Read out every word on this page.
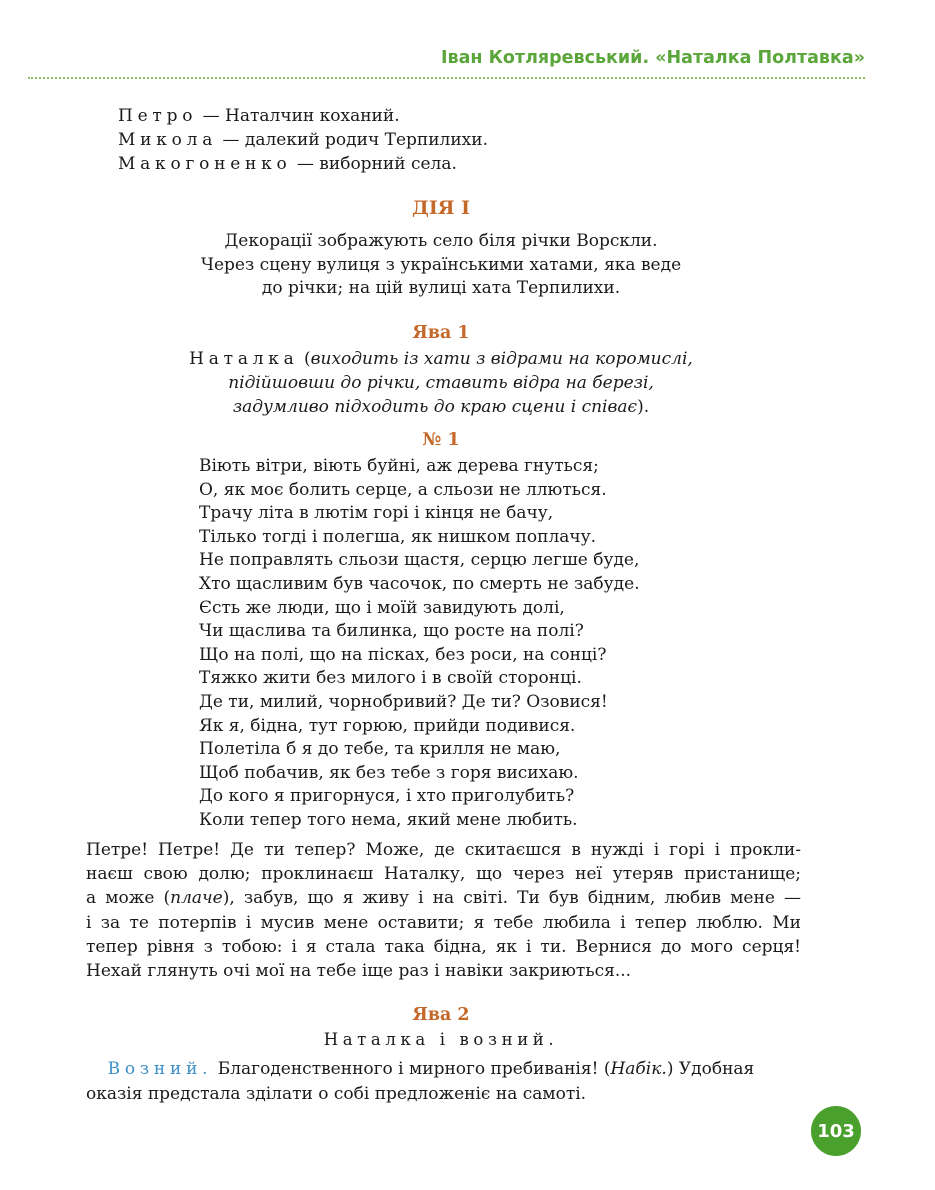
Іван Котляревський. «Наталка Полтавка»
Петро — Наталчин коханий.
Микола — далекий родич Терпилихи.
Макогоненко — виборний села.
ДІЯ І
Декорації зображують село біля річки Ворскли.
Через сцену вулиця з українськими хатами, яка веде
до річки; на цій вулиці хата Терпилихи.
Ява 1
Наталка (виходить із хати з відрами на коромислі,
підійшовши до річки, ставить відра на березі,
задумливо підходить до краю сцени і співає).
№ 1
Віють вітри, віють буйні, аж дерева гнуться;
О, як моє болить серце, а сльози не ллються.
Трачу літа в лютім горі і кінця не бачу,
Тілько тогді і полегша, як нишком поплачу.
Не поправлять сльози щастя, серцю легше буде,
Хто щасливим був часочок, по смерть не забуде.
Єсть же люди, що і моїй завидують долі,
Чи щаслива та билинка, що росте на полі?
Що на полі, що на пісках, без роси, на сонці?
Тяжко жити без милого і в своїй сторонці.
Де ти, милий, чорнобривий? Де ти? Озовися!
Як я, бідна, тут горюю, прийди подивися.
Полетіла б я до тебе, та крилля не маю,
Щоб побачив, як без тебе з горя висихаю.
До кого я пригорнуся, і хто приголубить?
Коли тепер того нема, який мене любить.
Петре! Петре! Де ти тепер? Може, де скитаєшся в нужді і горі і прокли-
наєш свою долю; проклинаєш Наталку, що через неї утеряв пристанище;
а може (плаче), забув, що я живу і на світі. Ти був бідним, любив мене —
і за те потерпів і мусив мене оставити; я тебе любила і тепер люблю. Ми
тепер рівня з тобою: і я стала така бідна, як і ти. Вернися до мого серця!
Нехай глянуть очі мої на тебе іще раз і навіки закриються...
Ява 2
Наталка і возний.
Возний. Благоденственного і мирного пребиванія! (Набік.) Удобная
оказія предстала зділати о собі предложеніє на самоті.
103
